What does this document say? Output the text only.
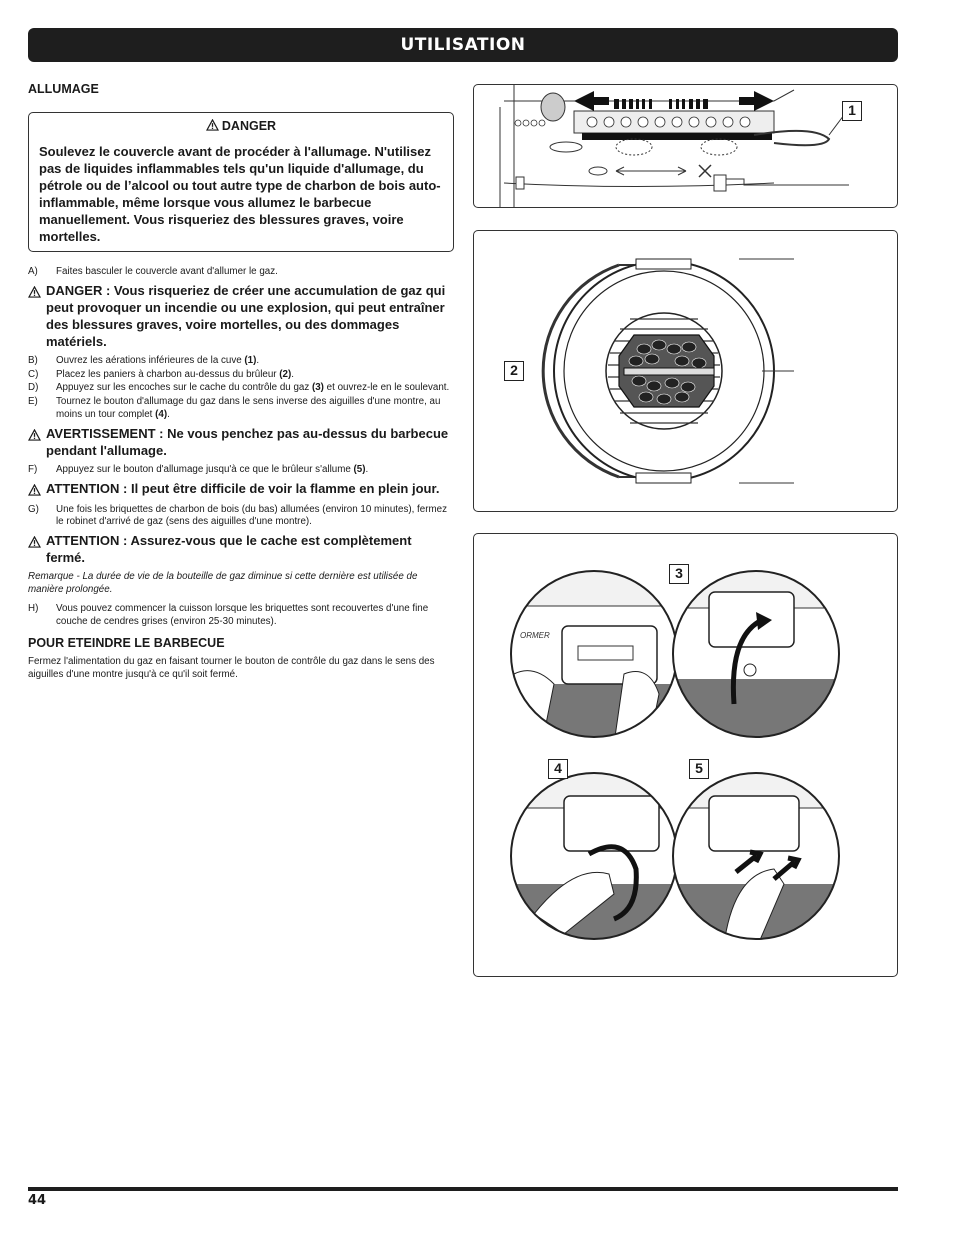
UTILISATION
ALLUMAGE
DANGER
Soulevez le couvercle avant de procéder à l'allumage. N'utilisez pas de liquides inflammables tels qu'un liquide d'allumage, du pétrole ou de l’alcool ou tout autre type de charbon de bois auto-inflammable, même lorsque vous allumez le barbecue manuellement. Vous risqueriez des blessures graves, voire mortelles.
A)	Faites basculer le couvercle avant d'allumer le gaz.
DANGER : Vous risqueriez de créer une accumulation de gaz qui peut provoquer un incendie ou une explosion, qui peut entraîner des blessures graves, voire mortelles, ou des dommages matériels.
B)	Ouvrez les aérations inférieures de la cuve (1).
C)	Placez les paniers à charbon au-dessus du brûleur (2).
D)	Appuyez sur les encoches sur le cache du contrôle du gaz (3) et ouvrez-le en le soulevant.
E)	Tournez le bouton d'allumage du gaz dans le sens inverse des aiguilles d'une montre, au moins un tour complet (4).
AVERTISSEMENT : Ne vous penchez pas au-dessus du barbecue pendant l'allumage.
F)	Appuyez sur le bouton d'allumage jusqu'à ce que le brûleur s'allume (5).
ATTENTION : Il peut être difficile de voir la flamme en plein jour.
G)	Une fois les briquettes de charbon de bois (du bas) allumées (environ 10 minutes), fermez le robinet d'arrivé de gaz (sens des aiguilles d'une montre).
ATTENTION : Assurez-vous que le cache est complètement fermé.
Remarque - La durée de vie de la bouteille de gaz diminue si cette dernière est utilisée de manière prolongée.
H)	Vous pouvez commencer la cuisson lorsque les briquettes sont recouvertes d'une fine couche de cendres grises (environ 25-30 minutes).
POUR ETEINDRE LE BARBECUE
Fermez l'alimentation du gaz en faisant tourner le bouton de contrôle du gaz dans le sens des aiguilles d'une montre jusqu'à ce qu'il soit fermé.
1
2
ORMER
3
4	5
44
